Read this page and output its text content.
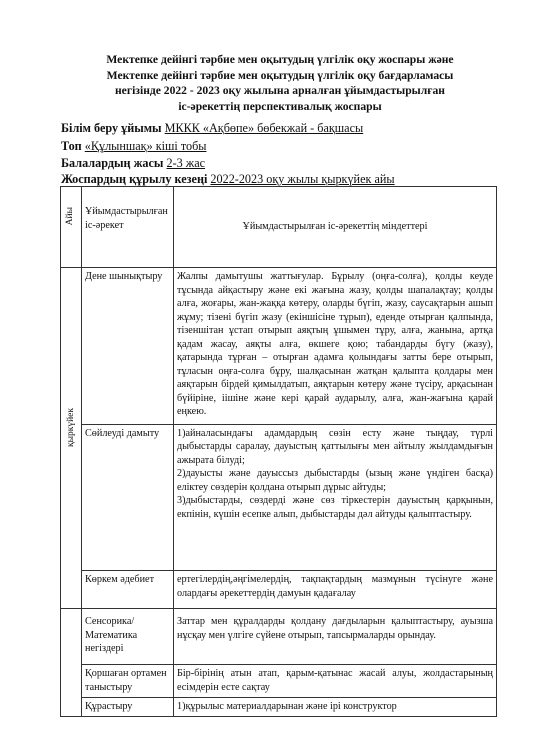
Мектепке дейінгі тәрбие мен оқытудың үлгілік оқу жоспары және
Мектепке дейінгі тәрбие мен оқытудың үлгілік оқу бағдарламасы
негізінде 2022 - 2023 оқу жылына арналған ұйымдастырылған
іс-әрекеттің перспективалық жоспары
Білім беру ұйымы МККК «Ақбөпе» бөбекжай - бақшасы
Топ «Құлыншақ» кіші тобы
Балалардың жасы 2-3 жас
Жоспардың құрылу кезеңі 2022-2023 оқу жылы қыркүйек айы
Айы	Ұйымдастырылған іс-әрекет	Ұйымдастырылған іс-әрекеттің міндеттері

қыркүйек	Дене шынықтыру	Жалпы дамытушы жаттығулар. Бұрылу (оңға-солға), қолды кеуде тұсында айқастыру және екі жағына жазу, қолды шапалақтау; қолды алға, жоғары, жан-жаққа көтеру, оларды бүгіп, жазу, саусақтарын ашып жұму; тізені бүгіп жазу (екіншісіне тұрып), еденде отырған қалпында, тізеншітан ұстап отырып аяқтың ұшымен тұру, алға, жанына, артқа қадам жасау, аяқты алға, өкшеге қою; табандарды бүгу (жазу), қатарында тұрған – отырған адамға қолындағы затты бере отырып, тұласын оңға-солға бұру, шалқасынан жатқан қалыпта қолдары мен аяқтарын бірдей қимылдатып, аяқтарын көтеру және түсіру, арқасынан бүйіріне, іішіне және кері қарай аударылу, алға, жан-жағына қарай еңкею.
	Сөйлеуді дамыту	1)айналасындағы адамдардың сөзін есту және тыңдау, түрлі дыбыстарды саралау, дауыстың қаттылығы мен айтылу жылдамдығын ажырата білуді;
2)дауысты және дауыссыз дыбыстарды (ызың және үндіген басқа) еліктеу сөздерін қолдана отырып дұрыс айтуды;
3)дыбыстарды, сөздерді және сөз тіркестерін дауыстың қарқынын, екпінін, күшін есепке алып, дыбыстарды дәл айтуды қалыптастыру.

	Көркем әдебиет	ертегілердің,әңгімелердің, тақпақтардың мазмұнын түсінуге және олардағы әрекеттердің дамуын қадағалау
	Сенсорика/ Математика негіздері	Заттар мен құралдарды қолдану дағдыларын қалыптастыру, ауызша нұсқау мен үлгіге сүйене отырып, тапсырмаларды орындау.
	Қоршаған ортамен таныстыру	Бір-бірінің атын атап, қарым-қатынас жасай алуы, жолдастарының есімдерін есте сақтау
	Құрастыру	1)құрылыс материалдарынан және ірі конструктор
